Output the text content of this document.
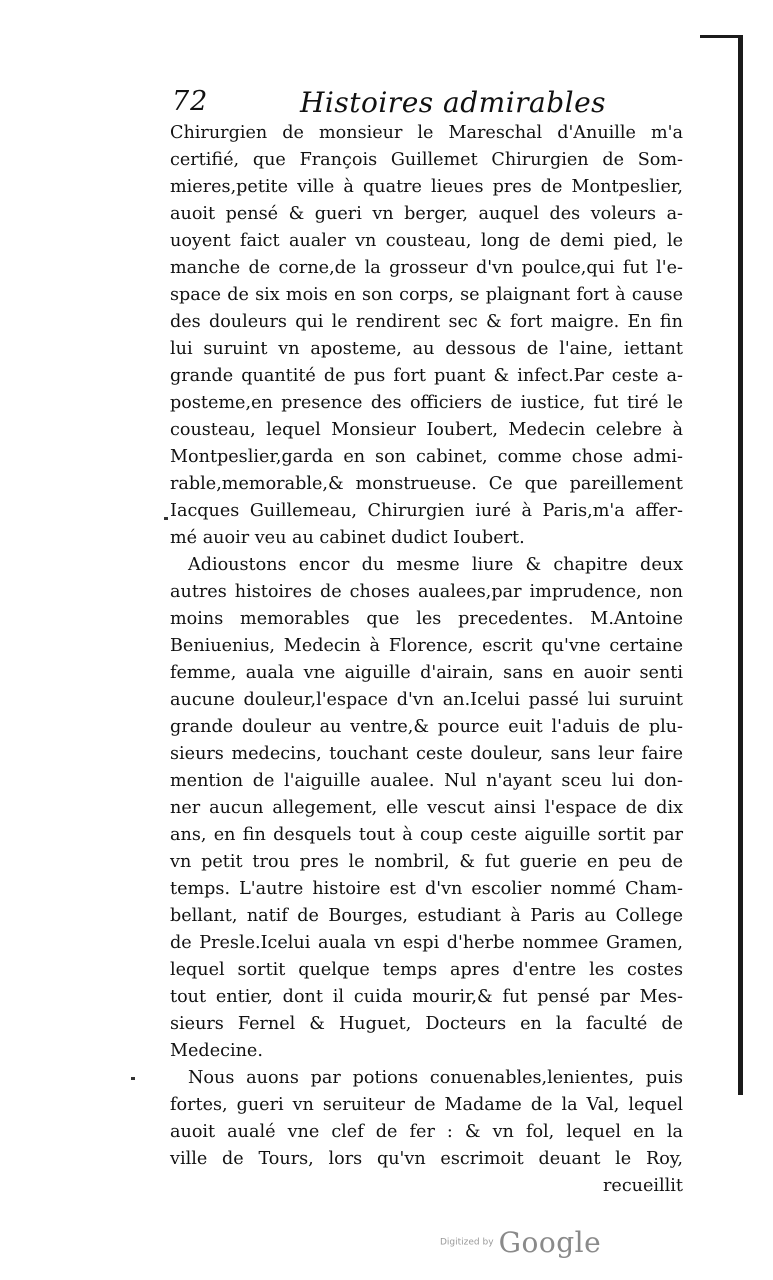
72	Histoires admirables
Chirurgien de monsieur le Mareschal d'Anuille m'a
certifié, que François Guillemet Chirurgien de Som-
mieres,petite ville à quatre lieues pres de Montpeslier,
auoit pensé & gueri vn berger, auquel des voleurs a-
uoyent faict aualer vn cousteau, long de demi pied, le
manche de corne,de la grosseur d'vn poulce,qui fut l'e-
space de six mois en son corps, se plaignant fort à cause
des douleurs qui le rendirent sec & fort maigre. En fin
lui suruint vn aposteme, au dessous de l'aine, iettant
grande quantité de pus fort puant & infect.Par ceste a-
posteme,en presence des officiers de iustice, fut tiré le
cousteau, lequel Monsieur Ioubert, Medecin celebre à
Montpeslier,garda en son cabinet, comme chose admi-
rable,memorable,& monstrueuse. Ce que pareillement
Iacques Guillemeau, Chirurgien iuré à Paris,m'a affer-
mé auoir veu au cabinet dudict Ioubert.
Adioustons encor du mesme liure & chapitre deux
autres histoires de choses aualees,par imprudence, non
moins memorables que les precedentes. M.Antoine
Beniuenius, Medecin à Florence, escrit qu'vne certaine
femme, auala vne aiguille d'airain, sans en auoir senti
aucune douleur,l'espace d'vn an.Icelui passé lui suruint
grande douleur au ventre,& pource euit l'aduis de plu-
sieurs medecins, touchant ceste douleur, sans leur faire
mention de l'aiguille aualee. Nul n'ayant sceu lui don-
ner aucun allegement, elle vescut ainsi l'espace de dix
ans, en fin desquels tout à coup ceste aiguille sortit par
vn petit trou pres le nombril, & fut guerie en peu de
temps. L'autre histoire est d'vn escolier nommé Cham-
bellant, natif de Bourges, estudiant à Paris au College
de Presle.Icelui auala vn espi d'herbe nommee Gramen,
lequel sortit quelque temps apres d'entre les costes
tout entier, dont il cuida mourir,& fut pensé par Mes-
sieurs Fernel & Huguet, Docteurs en la faculté de
Medecine.
Nous auons par potions conuenables,lenientes, puis
fortes, gueri vn seruiteur de Madame de la Val, lequel
auoit aualé vne clef de fer : & vn fol, lequel en la
ville de Tours, lors qu'vn escrimoit deuant le Roy,
recueillit
Digitized by Google
